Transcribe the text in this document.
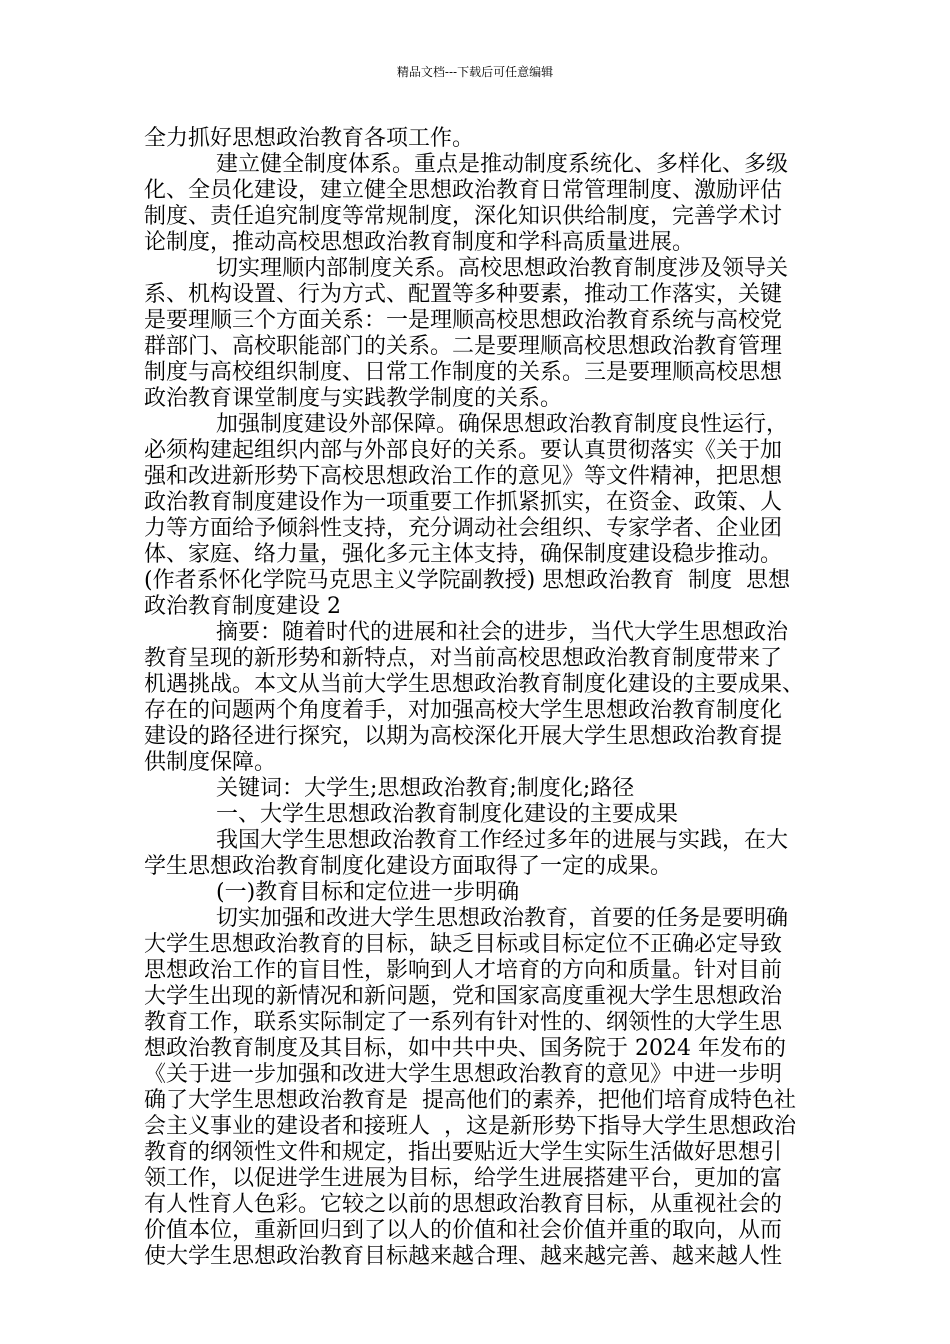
精品文档---下载后可任意编辑
全力抓好思想政治教育各项工作。
建立健全制度体系。重点是推动制度系统化、多样化、多级
化、全员化建设，建立健全思想政治教育日常管理制度、激励评估
制度、责任追究制度等常规制度，深化知识供给制度，完善学术讨
论制度，推动高校思想政治教育制度和学科高质量进展。
切实理顺内部制度关系。高校思想政治教育制度涉及领导关
系、机构设置、行为方式、配置等多种要素，推动工作落实，关键
是要理顺三个方面关系：一是理顺高校思想政治教育系统与高校党
群部门、高校职能部门的关系。二是要理顺高校思想政治教育管理
制度与高校组织制度、日常工作制度的关系。三是要理顺高校思想
政治教育课堂制度与实践教学制度的关系。
加强制度建设外部保障。确保思想政治教育制度良性运行，
必须构建起组织内部与外部良好的关系。要认真贯彻落实《关于加
强和改进新形势下高校思想政治工作的意见》等文件精神，把思想
政治教育制度建设作为一项重要工作抓紧抓实，在资金、政策、人
力等方面给予倾斜性支持，充分调动社会组织、专家学者、企业团
体、家庭、络力量，强化多元主体支持，确保制度建设稳步推动。
(作者系怀化学院马克思主义学院副教授) 思想政治教育  制度  思想
政治教育制度建设 2
摘要：随着时代的进展和社会的进步，当代大学生思想政治
教育呈现的新形势和新特点，对当前高校思想政治教育制度带来了
机遇挑战。本文从当前大学生思想政治教育制度化建设的主要成果、
存在的问题两个角度着手，对加强高校大学生思想政治教育制度化
建设的路径进行探究，以期为高校深化开展大学生思想政治教育提
供制度保障。
关键词：大学生;思想政治教育;制度化;路径
一、大学生思想政治教育制度化建设的主要成果
我国大学生思想政治教育工作经过多年的进展与实践，在大
学生思想政治教育制度化建设方面取得了一定的成果。
(一)教育目标和定位进一步明确
切实加强和改进大学生思想政治教育，首要的任务是要明确
大学生思想政治教育的目标，缺乏目标或目标定位不正确必定导致
思想政治工作的盲目性，影响到人才培育的方向和质量。针对目前
大学生出现的新情况和新问题，党和国家高度重视大学生思想政治
教育工作，联系实际制定了一系列有针对性的、纲领性的大学生思
想政治教育制度及其目标，如中共中央、国务院于 2024 年发布的
《关于进一步加强和改进大学生思想政治教育的意见》中进一步明
确了大学生思想政治教育是  提高他们的素养，把他们培育成特色社
会主义事业的建设者和接班人  ，这是新形势下指导大学生思想政治
教育的纲领性文件和规定，指出要贴近大学生实际生活做好思想引
领工作，以促进学生进展为目标，给学生进展搭建平台，更加的富
有人性育人色彩。它较之以前的思想政治教育目标，从重视社会的
价值本位，重新回归到了以人的价值和社会价值并重的取向，从而
使大学生思想政治教育目标越来越合理、越来越完善、越来越人性
